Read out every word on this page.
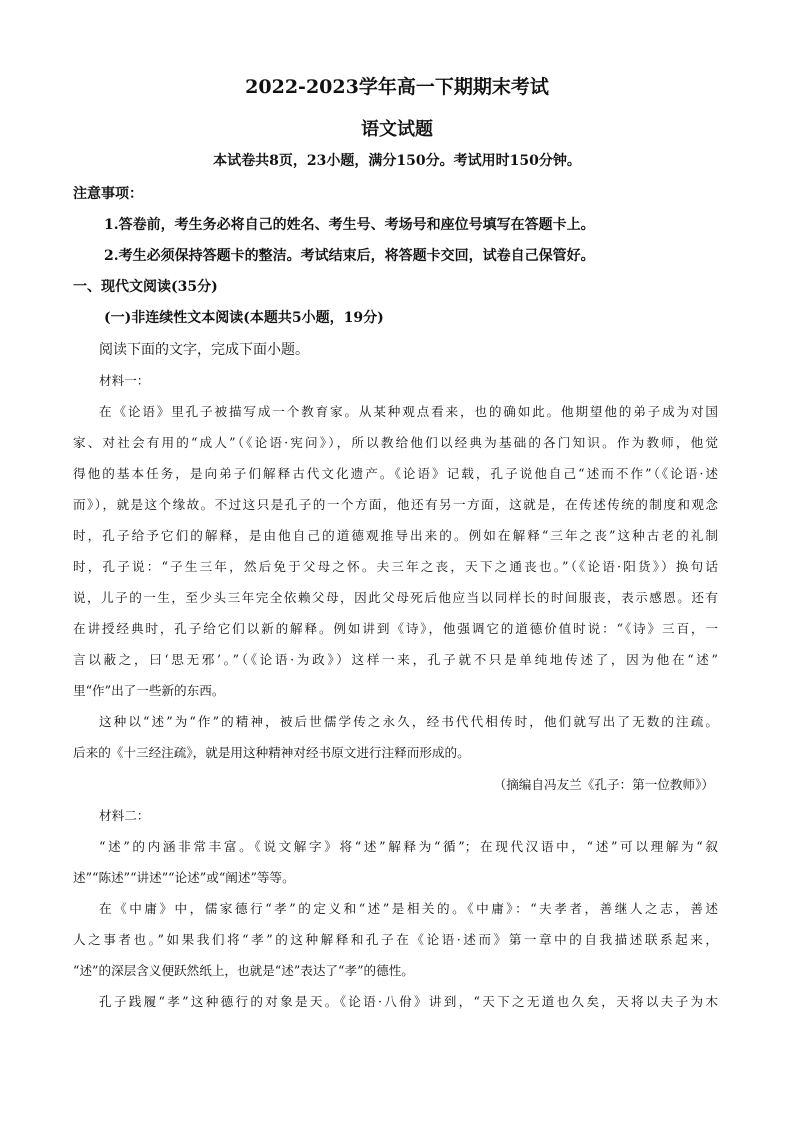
2022-2023学年高一下期期末考试
语文试题
本试卷共8页，23小题，满分150分。考试用时150分钟。
注意事项：
1.答卷前，考生务必将自己的姓名、考生号、考场号和座位号填写在答题卡上。
2.考生必须保持答题卡的整洁。考试结束后，将答题卡交回，试卷自己保管好。
一、现代文阅读(35分)
(一)非连续性文本阅读(本题共5小题，19分)
阅读下面的文字，完成下面小题。
材料一：
在《论语》里孔子被描写成一个教育家。从某种观点看来，也的确如此。他期望他的弟子成为对国
家、对社会有用的“成人”（《论语·宪问》），所以教给他们以经典为基础的各门知识。作为教师，他觉
得他的基本任务，是向弟子们解释古代文化遗产。《论语》记载，孔子说他自己“述而不作”（《论语·述
而》），就是这个缘故。不过这只是孔子的一个方面，他还有另一方面，这就是，在传述传统的制度和观念
时，孔子给予它们的解释，是由他自己的道德观推导出来的。例如在解释“三年之丧”这种古老的礼制
时，孔子说：“子生三年，然后免于父母之怀。夫三年之丧，天下之通丧也。”（《论语·阳货》）换句话
说，儿子的一生，至少头三年完全依赖父母，因此父母死后他应当以同样长的时间服丧，表示感恩。还有
在讲授经典时，孔子给它们以新的解释。例如讲到《诗》，他强调它的道德价值时说：“《诗》三百，一
言以蔽之，曰‘思无邪’。”（《论语·为政》）这样一来，孔子就不只是单纯地传述了，因为他在“述”
里“作”出了一些新的东西。
这种以“述”为“作”的精神，被后世儒学传之永久，经书代代相传时，他们就写出了无数的注疏。
后来的《十三经注疏》，就是用这种精神对经书原文进行注释而形成的。
（摘编自冯友兰《孔子：第一位教师》）
材料二：
“述”的内涵非常丰富。《说文解字》将“述”解释为“循”；在现代汉语中，“述”可以理解为“叙
述”“陈述”“讲述”“论述”或“阐述”等等。
在《中庸》中，儒家德行“孝”的定义和“述”是相关的。《中庸》：“夫孝者，善继人之志，善述
人之事者也。”如果我们将“孝”的这种解释和孔子在《论语·述而》第一章中的自我描述联系起来，
“述”的深层含义便跃然纸上，也就是“述”表达了“孝”的德性。
孔子践履“孝”这种德行的对象是天。《论语·八佾》讲到，“天下之无道也久矣，天将以夫子为木
